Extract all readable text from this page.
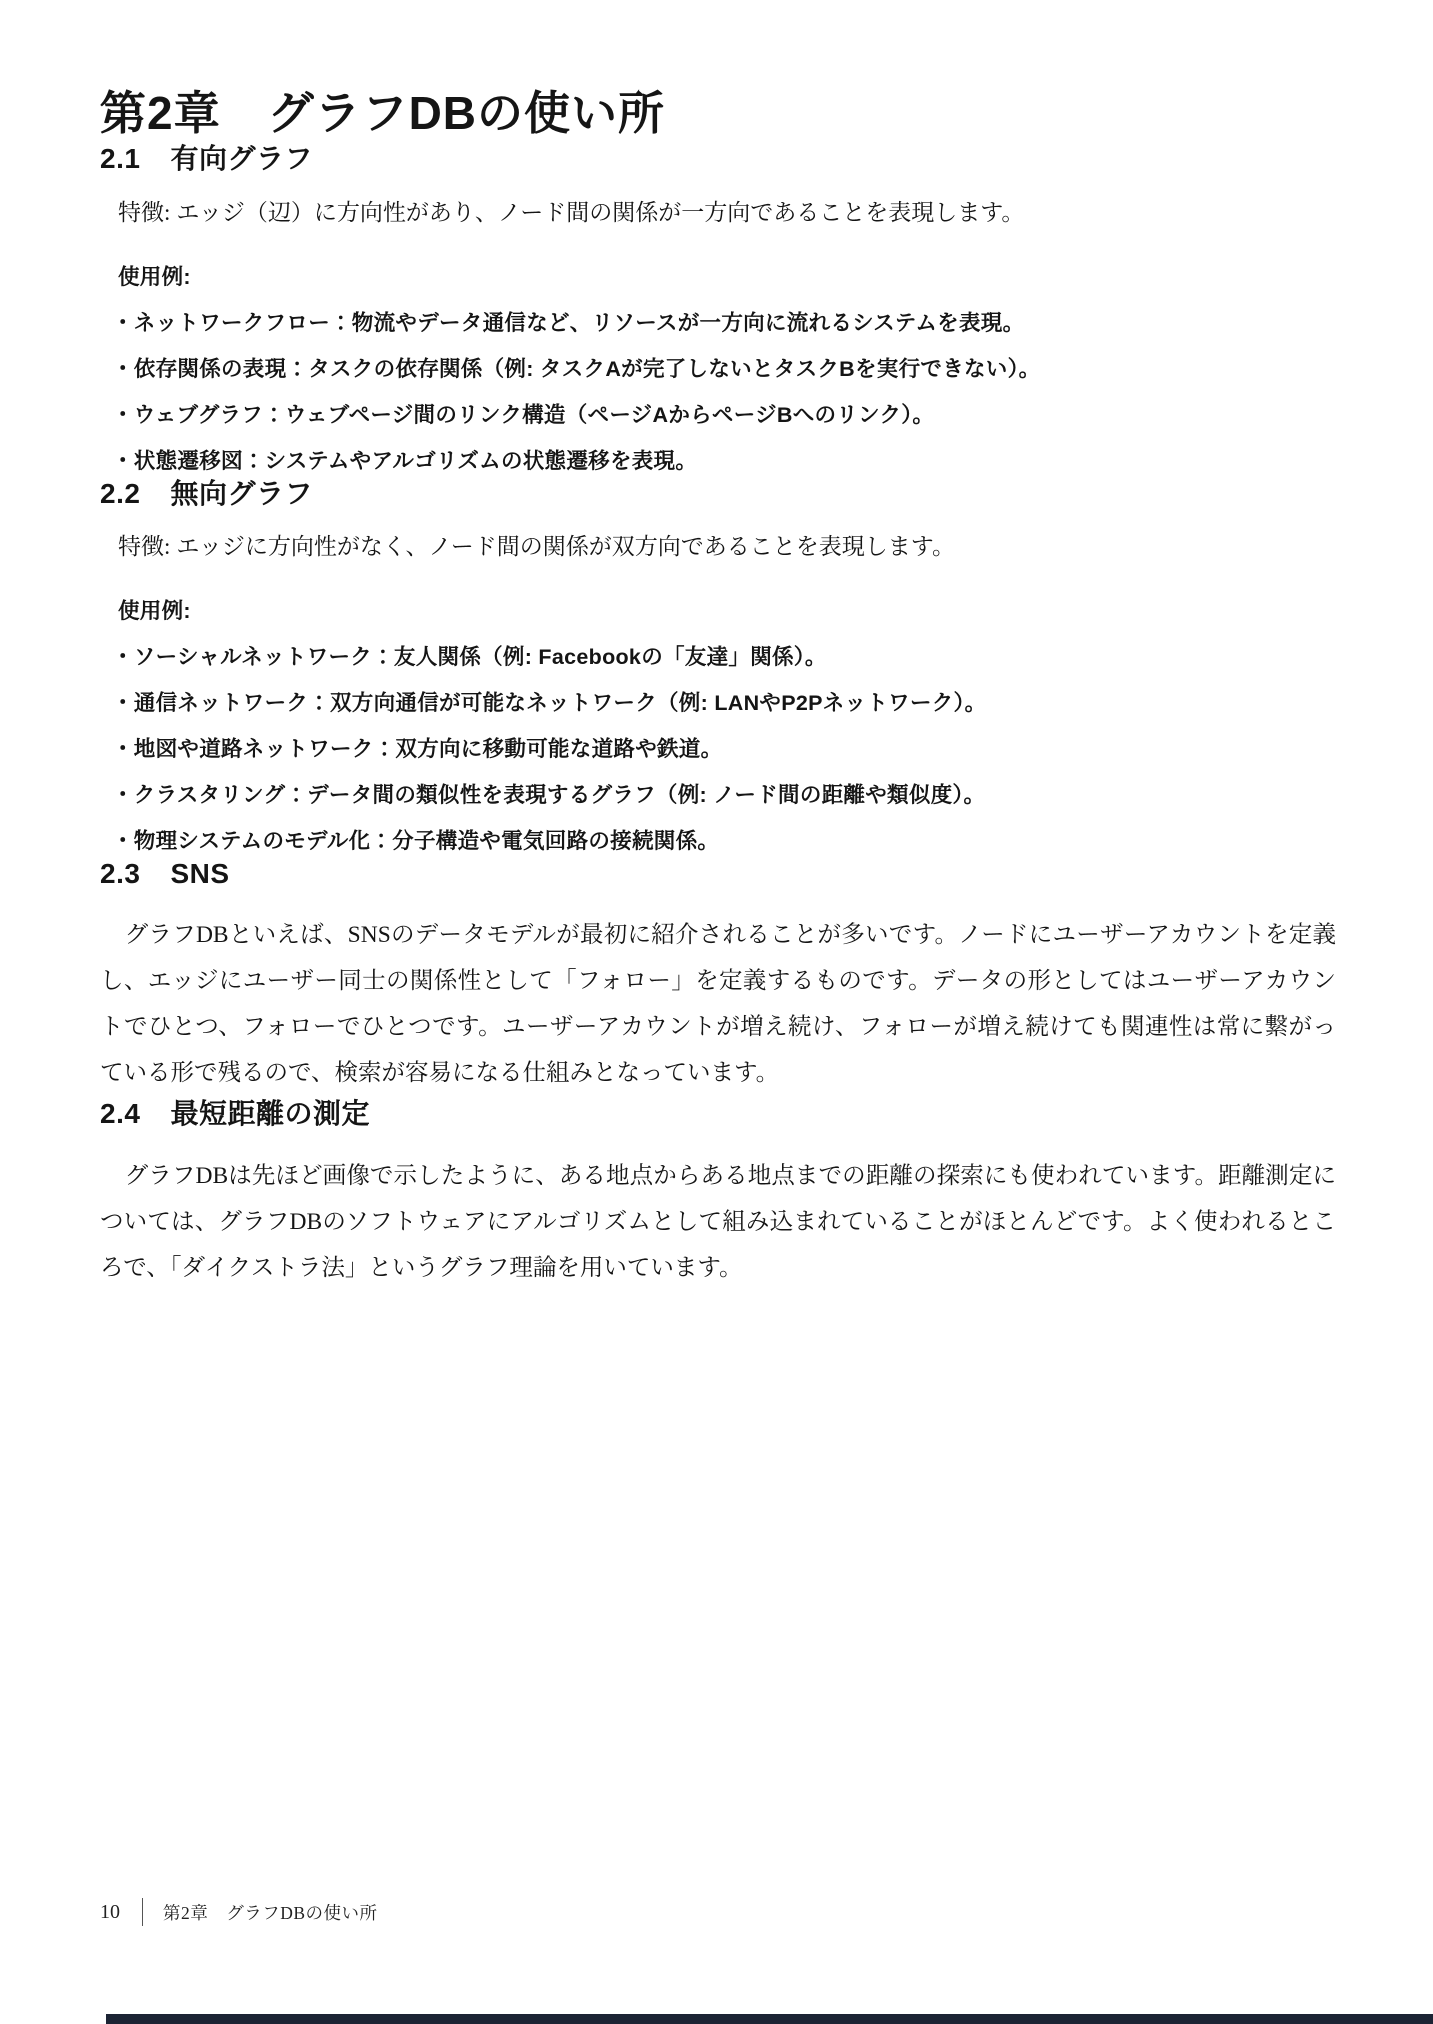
第2章　グラフDBの使い所
2.1 有向グラフ

特徴: エッジ（辺）に方向性があり、ノード間の関係が一方向であることを表現します。

使用例:

・ネットワークフロー：物流やデータ通信など、リソースが一方向に流れるシステムを表現。

・依存関係の表現：タスクの依存関係（例: タスクAが完了しないとタスクBを実行できない）。

・ウェブグラフ：ウェブページ間のリンク構造（ページAからページBへのリンク）。

・状態遷移図：システムやアルゴリズムの状態遷移を表現。

2.2 無向グラフ

特徴: エッジに方向性がなく、ノード間の関係が双方向であることを表現します。

使用例:

・ソーシャルネットワーク：友人関係（例: Facebookの「友達」関係）。

・通信ネットワーク：双方向通信が可能なネットワーク（例: LANやP2Pネットワーク）。

・地図や道路ネットワーク：双方向に移動可能な道路や鉄道。

・クラスタリング：データ間の類似性を表現するグラフ（例: ノード間の距離や類似度）。

・物理システムのモデル化：分子構造や電気回路の接続関係。

2.3 SNS

グラフDBといえば、SNSのデータモデルが最初に紹介されることが多いです。ノードにユーザーアカウントを定義し、エッジにユーザー同士の関係性として「フォロー」を定義するものです。データの形としてはユーザーアカウントでひとつ、フォローでひとつです。ユーザーアカウントが増え続け、フォローが増え続けても関連性は常に繋がっている形で残るので、検索が容易になる仕組みとなっています。

2.4 最短距離の測定

グラフDBは先ほど画像で示したように、ある地点からある地点までの距離の探索にも使われています。距離測定については、グラフDBのソフトウェアにアルゴリズムとして組み込まれていることがほとんどです。よく使われるところで、「ダイクストラ法」というグラフ理論を用いています。

10	第2章　グラフDBの使い所
